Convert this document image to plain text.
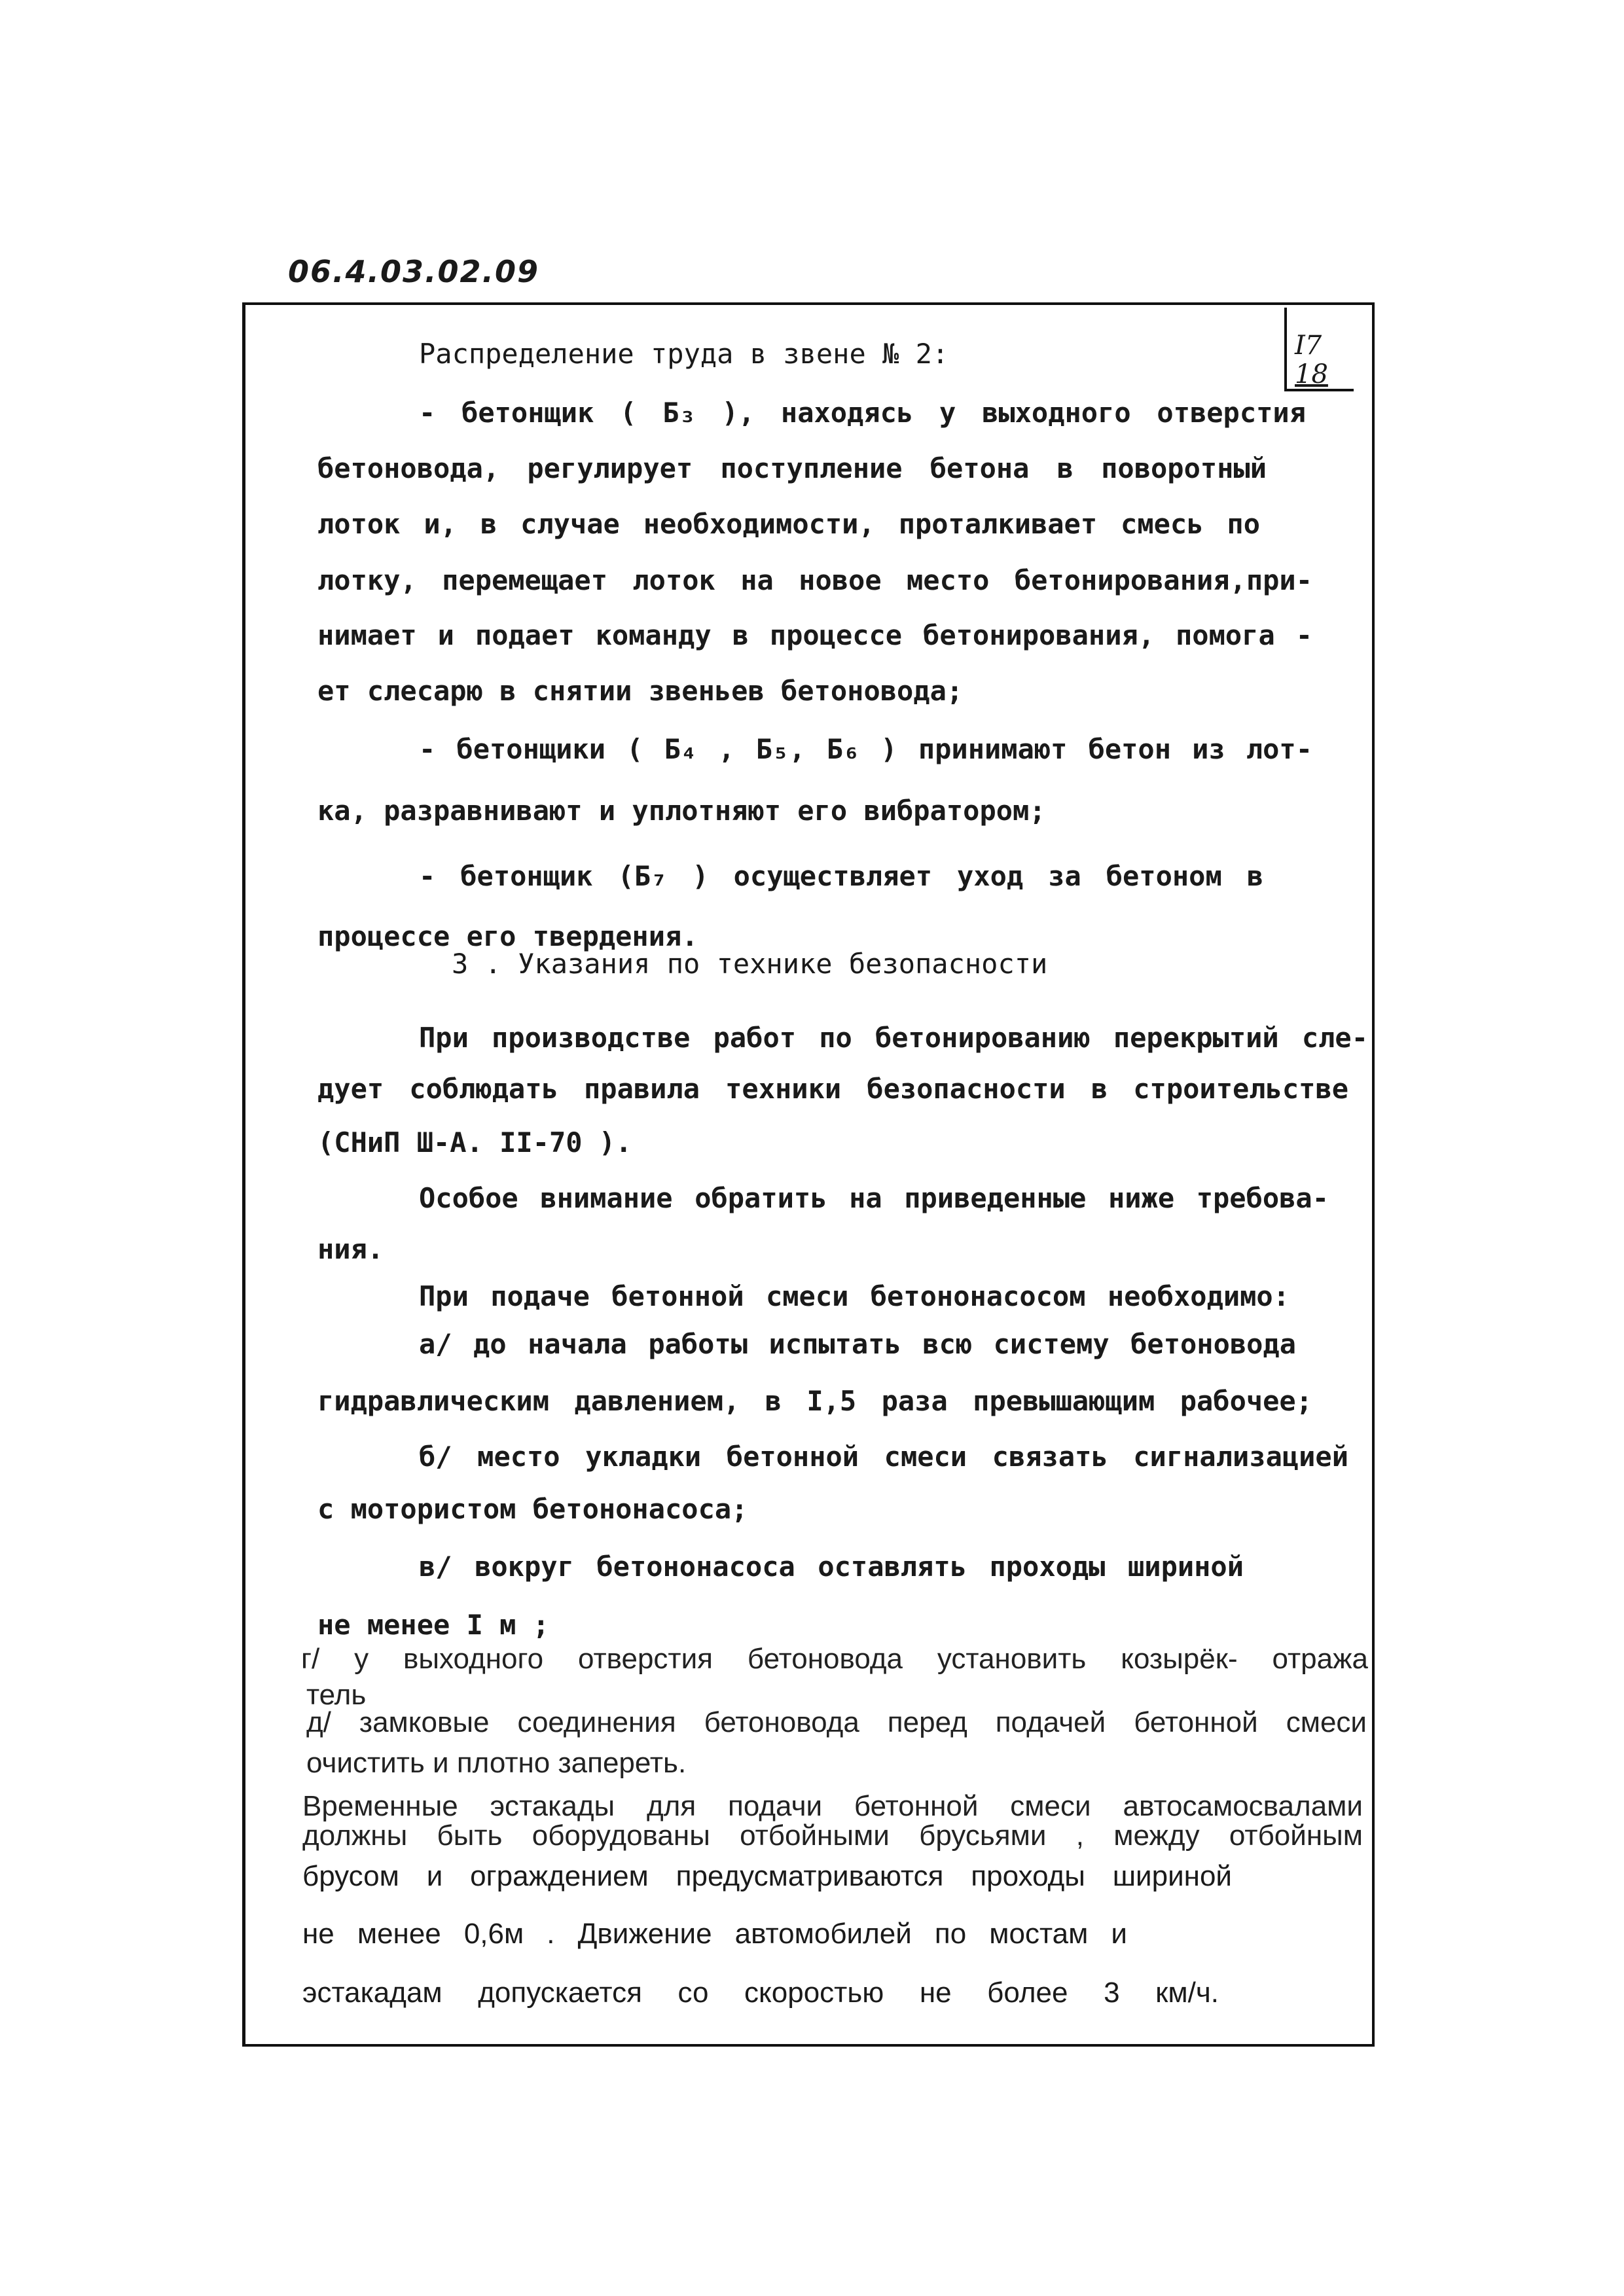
06.4.03.02.09
I7
18
Распределение труда в звене № 2:
- бетонщик ( Б₃ ), находясь у выходного отверстия
бетоновода, регулирует поступление бетона в поворотный
лоток и, в случае необходимости, проталкивает смесь по
лотку, перемещает лоток на новое место бетонирования,при-
нимает и подает команду в процессе бетонирования, помога -
ет слесарю в снятии звеньев бетоновода;
- бетонщики ( Б₄ , Б₅, Б₆ ) принимают бетон из лот-
ка, разравнивают и уплотняют его вибратором;
- бетонщик (Б₇ ) осуществляет уход за бетоном в
процессе его твердения.
3 . Указания по технике безопасности
При производстве работ по бетонированию перекрытий сле-
дует соблюдать правила техники безопасности в строительстве
(СНиП Ш-А. II-70 ).
Особое внимание обратить на приведенные ниже требова-
ния.
При подаче бетонной смеси бетононасосом необходимо:
а/ до начала работы испытать всю систему бетоновода
гидравлическим давлением, в I,5 раза превышающим рабочее;
б/ место укладки бетонной смеси связать сигнализацией
с мотористом бетононасоса;
в/ вокруг бетононасоса оставлять проходы шириной
не менее I м ;
г/ у выходного отверстия бетоновода установить козырёк- отража
тель
д/ замковые соединения бетоновода перед подачей бетонной смеси
очистить и плотно запереть.
Временные эстакады для подачи бетонной смеси автосамосвалами
должны быть оборудованы отбойными брусьями , между отбойным
брусом и ограждением предусматриваются проходы шириной
не менее 0,6м . Движение автомобилей по мостам и
эстакадам допускается со скоростью не более 3 км/ч.
